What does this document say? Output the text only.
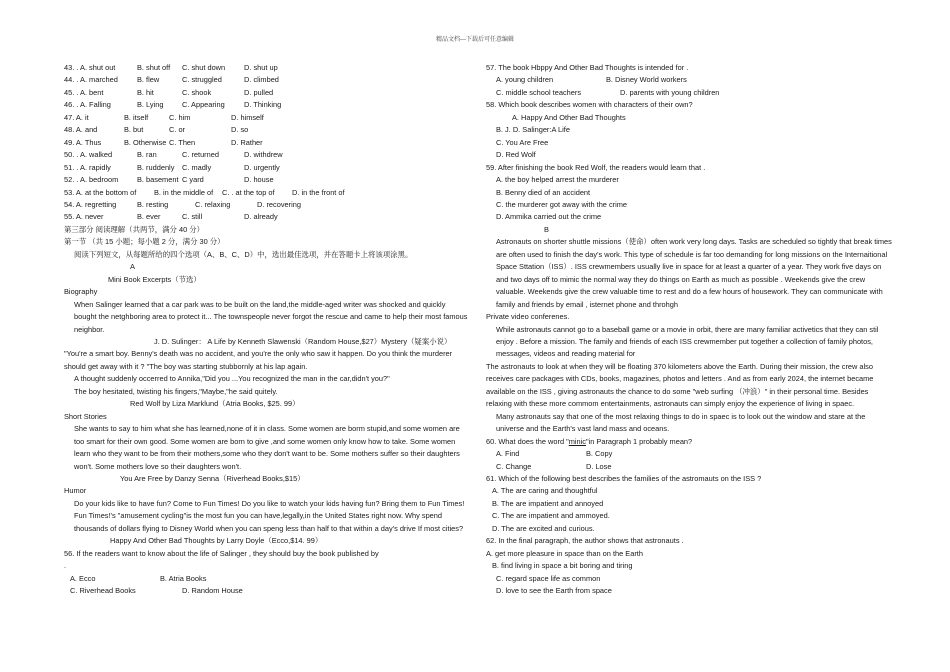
精品文档---下载后可任意编辑
43. . A. shut out	B. shut off	C. shut down	D. shut up
44. . A. marched	B. flew	C. struggled	D. climbed
45. . A. bent	B. hit	C. shook	D. pulled
46. . A. Falling	B. Lying	C. Appearing	D. Thinking
47. A. it	B. itself	C. him	D. himself
48. A. and	B. but	C. or	D. so
49. A. Thus	B. Otherwise C. Then	D. Rather
50. . A. walked	B. ran	C. returned	D. withdrew
51. . A. rapidly	B. ruddenly	C. madly	D. urgently
52. . A. bedroom	B. basement C yard	D. house
53. A. at the bottom of	B. in the middle of	C. . at the top of	D. in the front of
54. A. regretting	B. resting	C. relaxing	D. recovering
55. A. never	B. ever	C. still	D. already
第三部分 阅读理解（共两节，满分 40 分）
第一节 （共 15 小题；每小题 2 分，满分 30 分）
阅读下列短文，从每题所给的四个选项（A、B、C、D）中，选出最佳选项，并在答题卡上将该项涂黑。
A
Mini Book Excerpts（节选）
Biography
When Salinger learned that a car park was to be built on the land,the middle-aged writer was shocked and quickly bought the netghboring area to protect it... The townspeople never forgot the rescue and came to help their most famous neighbor.
J. D. Sulinger： A Life by Kenneth Slawenski（Random House,$27）Mystery（疑案小说）
"You're a smart boy. Benny's death was no accident, and you're the only who saw it happen. Do you think the murderer should get away with it ? "The boy was starting stubbornly at his lap again.
A thought suddenly occerred to Annika,"Did you ...You recognized the man in the car,didn't you?"
The boy hesitated, twisting his fingers,"Maybe,"he said quitely.
Red Wolf by Liza Marklund（Atria Books, $25. 99）
Short Stories
She wants to say to him what she has learned,none of it in class. Some women are borm stupid,and some women are too smart for their own good. Some women are born to give ,and some women only know how to take. Some women learn who they want to be from their mothers,some who they don't want to be. Some mothers suffer so their daughters won't. Some mothers love so their daughters won't.
You Are Free by Danzy Senna（Riverhead Books,$15）
Humor
Do your kids like to have fun? Come to Fun Times! Do you like to watch your kids having fun? Bring them to Fun Times! Fun Times!'s "amusement cycling"is the most fun you can have,legally,in the United States right now. Why spend thousands of dollars flying to Disney World when you can speng less than half to that within a day's drive If most cities?
Happy And Other Bad Thoughts by Larry Doyle（Ecco,$14. 99）
56. If the readers want to know about the life of Salinger , they should buy the book published by
.
A. Ecco	B. Atria Books
C. Riverhead Books	D. Random House
57. The book Hbppy And Other Bad Thoughts is intended for .
A. young children	B. Disney World workers
C. middle school teachers	D. parents with young children
58. Which book describes women with characters of their own?
A. Happy And Other Bad Thoughts
B. J. D. Salinger:A Life
C. You Are Free
D. Red Wolf
59. After finishing the book Red Wolf, the readers would learn that .
A. the boy helped arrest the murderer
B. Benny died of an accident
C. the murderer got away with the crime
D. Ammika carried out the crime
B
Astronauts on shorter shuttle missions（使命）often work very long days. Tasks are scheduled so tightly that break times are often used to finish the day's work. This type of schedule is far too demanding for long missions on the Internaitional Space Sttation（ISS）. ISS crewmembers usually live in space for at least a quarter of a year. They work five days on and two days off to mimic the normal way they do things on Earth as much as possible . Weekends give the crew valuable. Weekends give the crew valuable time to rest and do a few hours of housework. They can communicate with family and friends by email , isternet phone and throhgh
Private video conferenes.
While astronauts cannot go to a baseball game or a movie in orbit, there are many familiar activetics that they can stil enjoy . Before a mission. The family and friends of each ISS crewmember put together a collection of family photos, messages, videos and reading material for
The astronauts to look at when they will be floating 370 kilometers above the Earth. During their mission, the crew also receives care packages with CDs, books, magazines, photos and letters . And as from early 2024, the internet became available on the ISS , giving astronauts the chance to do some "web surfing （冲浪）" in their personal time. Besides relaxing with these more commom entertainments, astronauts can simply enjoy the experience of living in spaec.
Many astronauts say that one of the most relaxing things to do in spaec is to look out the window and stare at the universe and the Earth's vast land mass and oceans.
60. What does the word "minic"in Paragraph 1 probably mean?
A. Find	B. Copy
C. Change	D. Lose
61. Which of the following best describes the families of the astromauts on the ISS ?
A. The are caring and thoughtful
B. The are impatient and annoyed
C. The are impatient and ammoyed.
D. The are excited and curious.
62. In the final paragraph, the author shows that astronauts .
A. get more pleasure in space than on the Earth
B. find living in space a bit boring and tiring
C. regard space life as common
D. love to see the Earth from space
